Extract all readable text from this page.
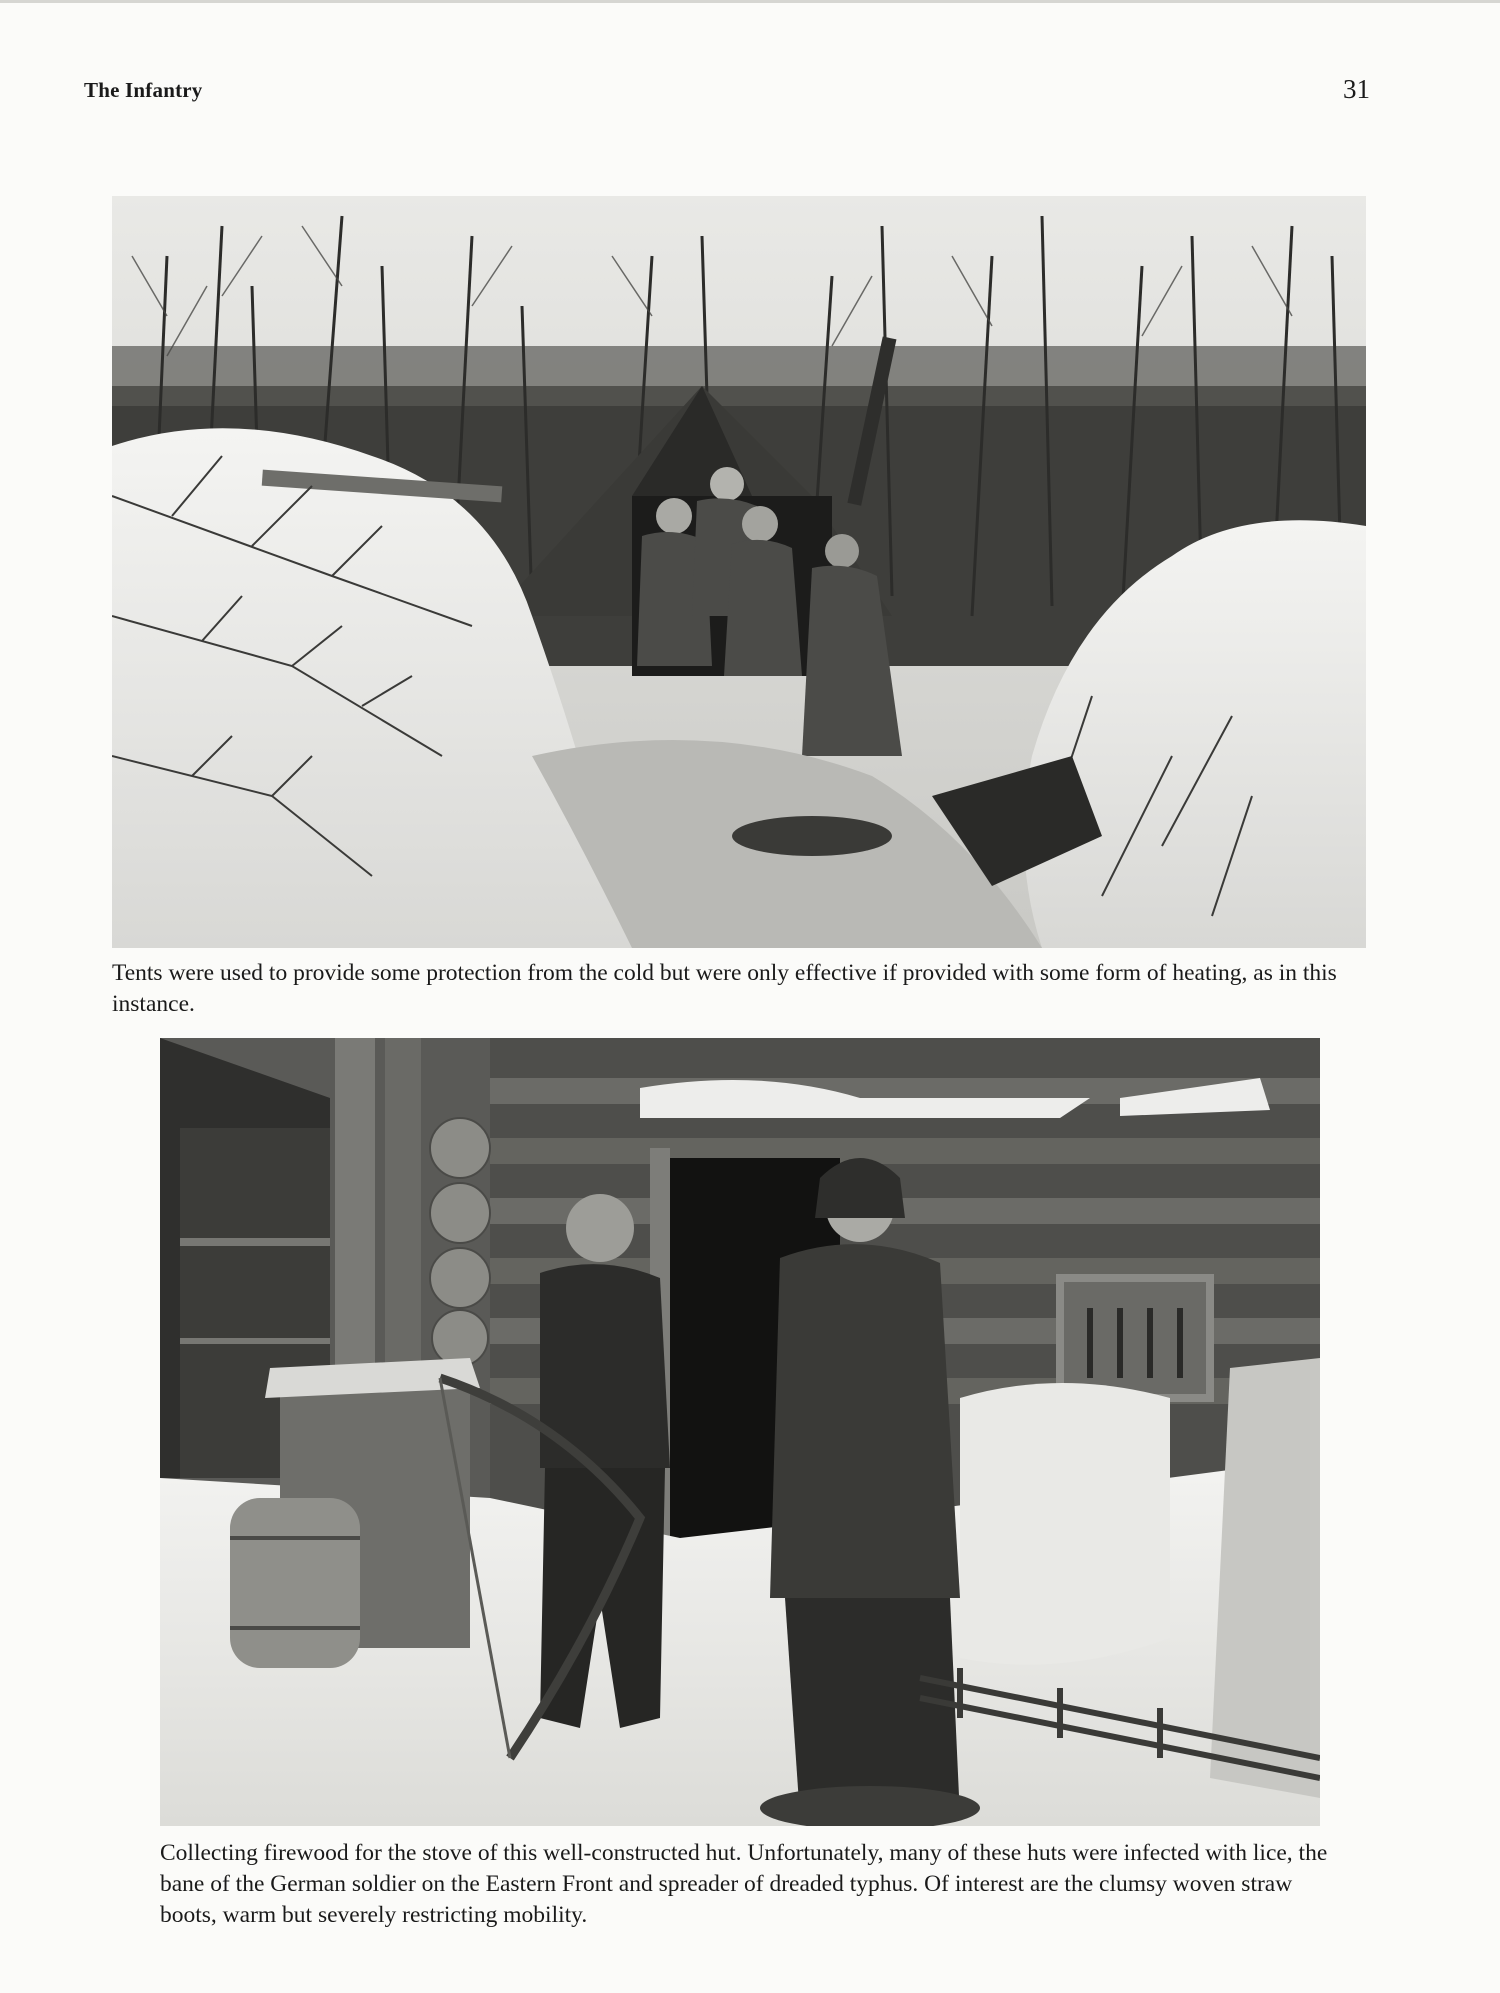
The Infantry	31

Tents were used to provide some protection from the cold but were only effective if provided with some form of heating, as in this instance.

Collecting firewood for the stove of this well-constructed hut. Unfortunately, many of these huts were infected with lice, the bane of the German soldier on the Eastern Front and spreader of dreaded typhus. Of interest are the clumsy woven straw boots, warm but severely restricting mobility.
